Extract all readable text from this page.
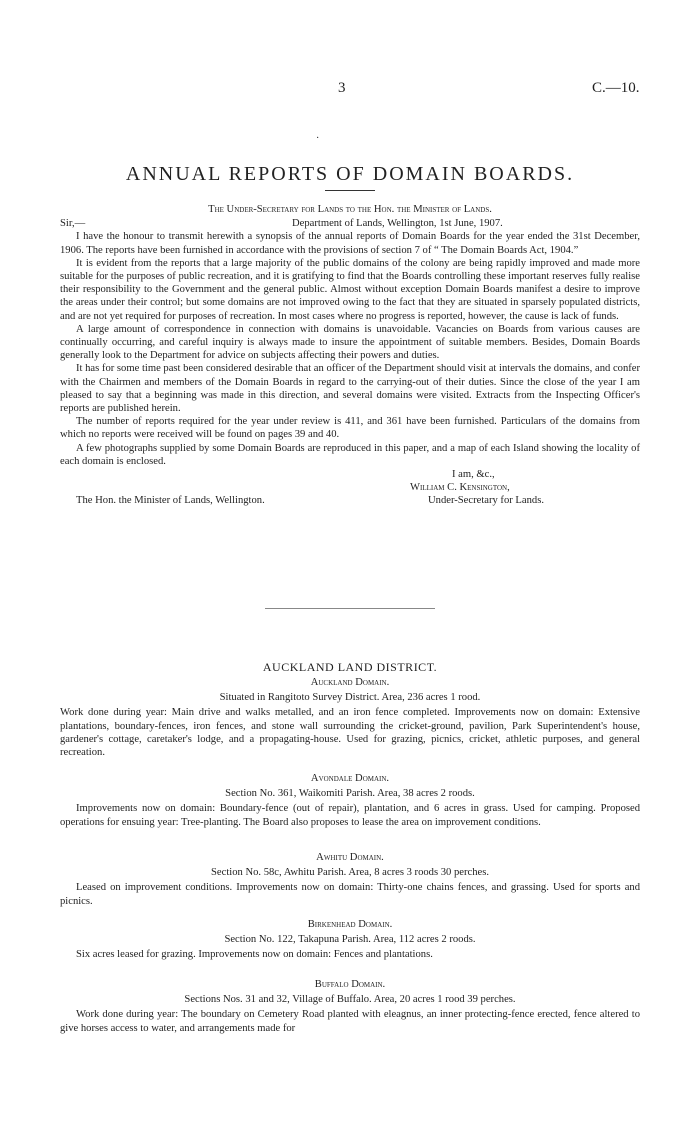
3	C.—10.
·
ANNUAL REPORTS OF DOMAIN BOARDS.
The Under-Secretary for Lands to the Hon. the Minister of Lands.
Sir,—	Department of Lands, Wellington, 1st June, 1907.

I have the honour to transmit herewith a synopsis of the annual reports of Domain Boards for the year ended the 31st December, 1906. The reports have been furnished in accordance with the provisions of section 7 of “ The Domain Boards Act, 1904.”

It is evident from the reports that a large majority of the public domains of the colony are being rapidly improved and made more suitable for the purposes of public recreation, and it is gratifying to find that the Boards controlling these important reserves fully realise their responsibility to the Government and the general public. Almost without exception Domain Boards manifest a desire to improve the areas under their control; but some domains are not improved owing to the fact that they are situated in sparsely populated districts, and are not yet required for purposes of recreation. In most cases where no progress is reported, however, the cause is lack of funds.

A large amount of correspondence in connection with domains is unavoidable. Vacancies on Boards from various causes are continually occurring, and careful inquiry is always made to insure the appointment of suitable members. Besides, Domain Boards generally look to the Department for advice on subjects affecting their powers and duties.

It has for some time past been considered desirable that an officer of the Department should visit at intervals the domains, and confer with the Chairmen and members of the Domain Boards in regard to the carrying-out of their duties. Since the close of the year I am pleased to say that a beginning was made in this direction, and several domains were visited. Extracts from the Inspecting Officer's reports are published herein.

The number of reports required for the year under review is 411, and 361 have been furnished. Particulars of the domains from which no reports were received will be found on pages 39 and 40.

A few photographs supplied by some Domain Boards are reproduced in this paper, and a map of each Island showing the locality of each domain is enclosed.

I am, &c.,
William C. Kensington,
The Hon. the Minister of Lands, Wellington.	Under-Secretary for Lands.
AUCKLAND LAND DISTRICT.
Auckland Domain.
Situated in Rangitoto Survey District. Area, 236 acres 1 rood.

Work done during year: Main drive and walks metalled, and an iron fence completed. Improvements now on domain: Extensive plantations, boundary-fences, iron fences, and stone wall surrounding the cricket-ground, pavilion, Park Superintendent's house, gardener's cottage, caretaker's lodge, and a propagating-house. Used for grazing, picnics, cricket, athletic purposes, and general recreation.

Avondale Domain.
Section No. 361, Waikomiti Parish. Area, 38 acres 2 roods.

Improvements now on domain: Boundary-fence (out of repair), plantation, and 6 acres in grass. Used for camping. Proposed operations for ensuing year: Tree-planting. The Board also proposes to lease the area on improvement conditions.

Awhitu Domain.
Section No. 58c, Awhitu Parish. Area, 8 acres 3 roods 30 perches.

Leased on improvement conditions. Improvements now on domain: Thirty-one chains fences, and grassing. Used for sports and picnics.

Birkenhead Domain.
Section No. 122, Takapuna Parish. Area, 112 acres 2 roods.

Six acres leased for grazing. Improvements now on domain: Fences and plantations.

Buffalo Domain.
Sections Nos. 31 and 32, Village of Buffalo. Area, 20 acres 1 rood 39 perches.

Work done during year: The boundary on Cemetery Road planted with eleagnus, an inner protecting-fence erected, fence altered to give horses access to water, and arrangements made for
